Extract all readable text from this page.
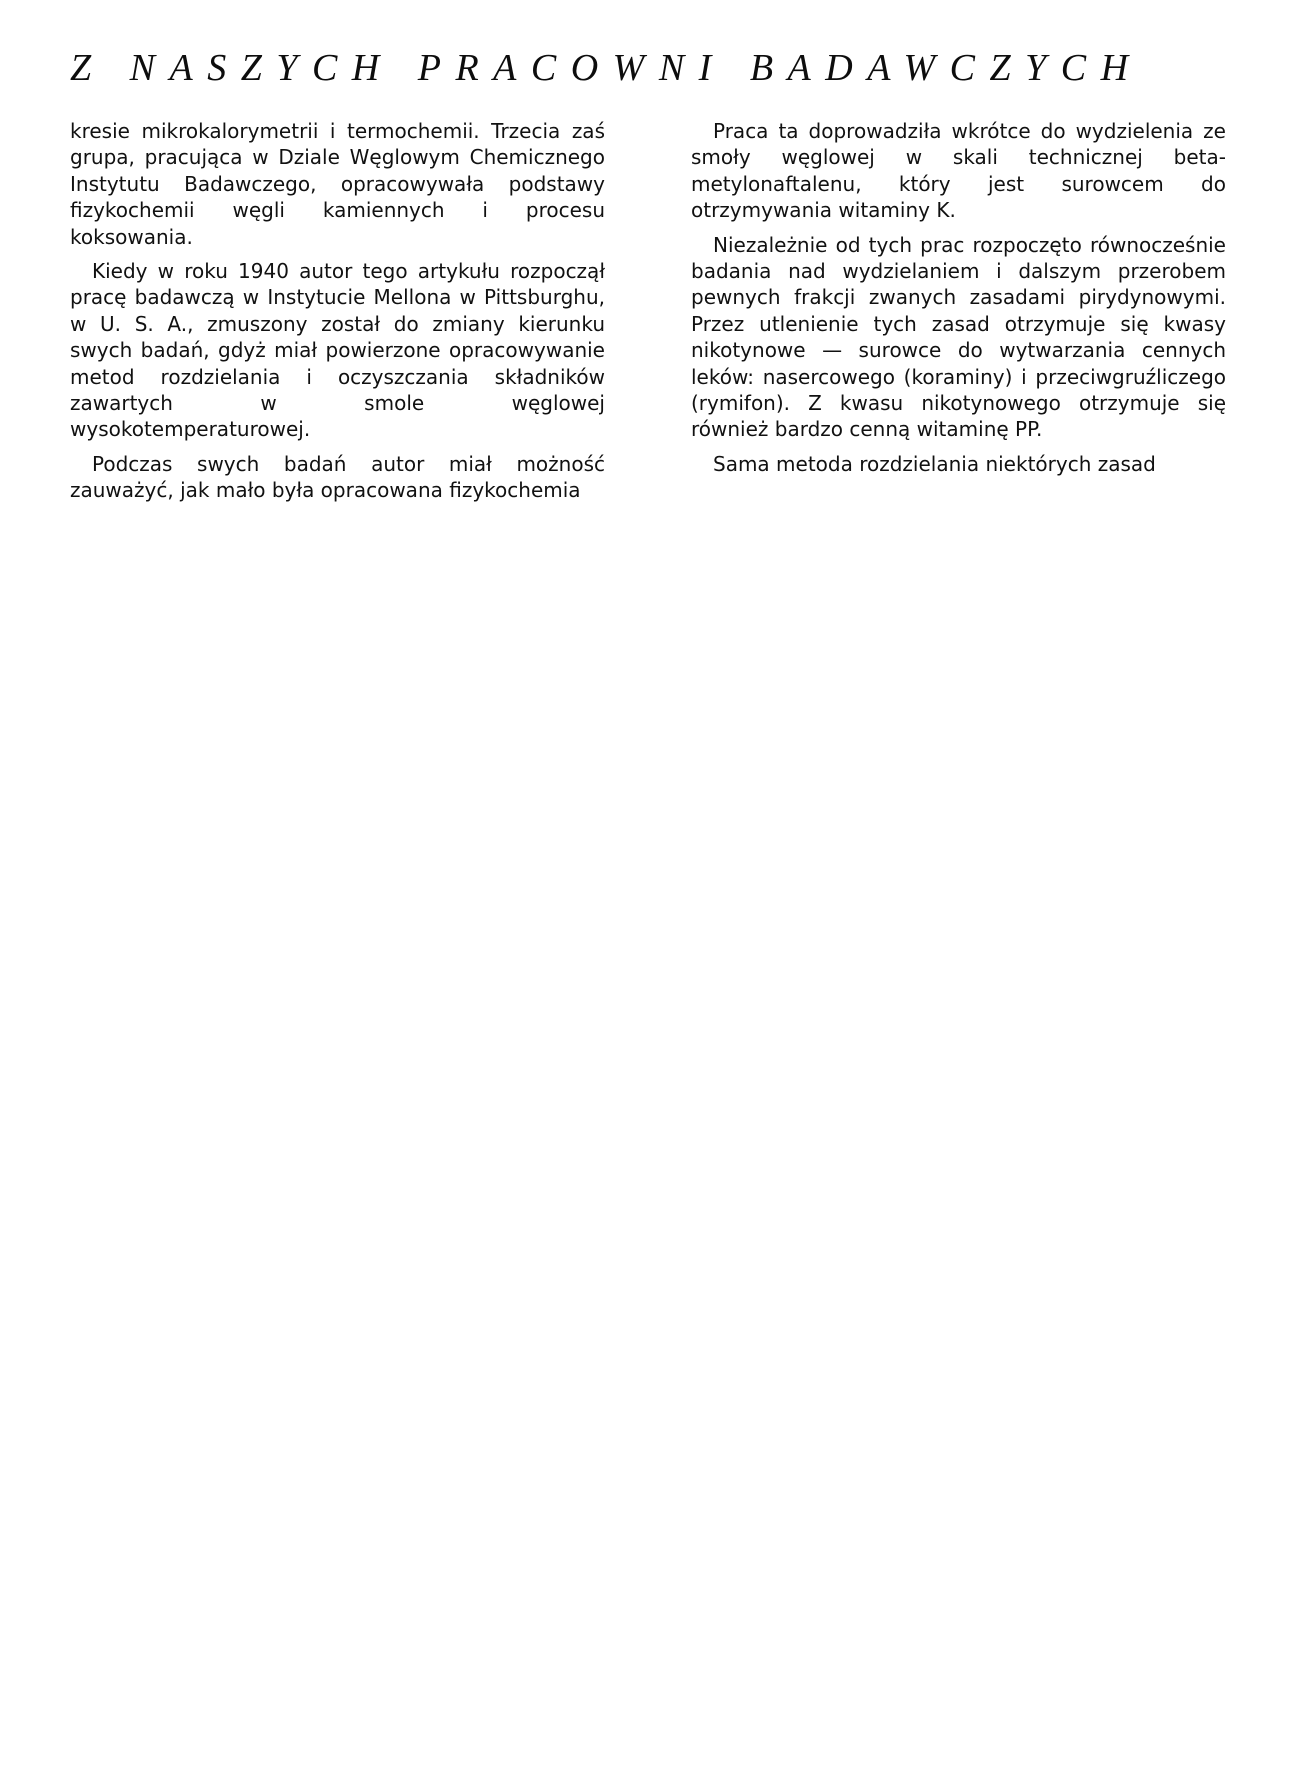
Z NASZYCH PRACOWNI BADAWCZYCH

kresie mikrokalorymetrii i termochemii. Trzecia zaś grupa, pracująca w Dziale Węglowym Chemicznego Instytutu Badawczego, opracowywała podstawy fizykochemii węgli kamiennych i procesu koksowania.

Kiedy w roku 1940 autor tego artykułu rozpoczął pracę badawczą w Instytucie Mellona w Pittsburghu, w U. S. A., zmuszony został do zmiany kierunku swych badań, gdyż miał powierzone opracowywanie metod rozdzielania i oczyszczania składników zawartych w smole węglowej wysokotemperaturowej.

Podczas swych badań autor miał możność zauważyć, jak mało była opracowana fizykochemia

Praca ta doprowadziła wkrótce do wydzielenia ze smoły węglowej w skali technicznej beta-metylonaftalenu, który jest surowcem do otrzymywania witaminy K.

Niezależnie od tych prac rozpoczęto równocześnie badania nad wydzielaniem i dalszym przerobem pewnych frakcji zwanych zasadami pirydynowymi. Przez utlenienie tych zasad otrzymuje się kwasy nikotynowe — surowce do wytwarzania cennych leków: nasercowego (koraminy) i przeciwgruźliczego (rymifon). Z kwasu nikotynowego otrzymuje się również bardzo cenną witaminę PP.

Sama metoda rozdzielania niektórych zasad
